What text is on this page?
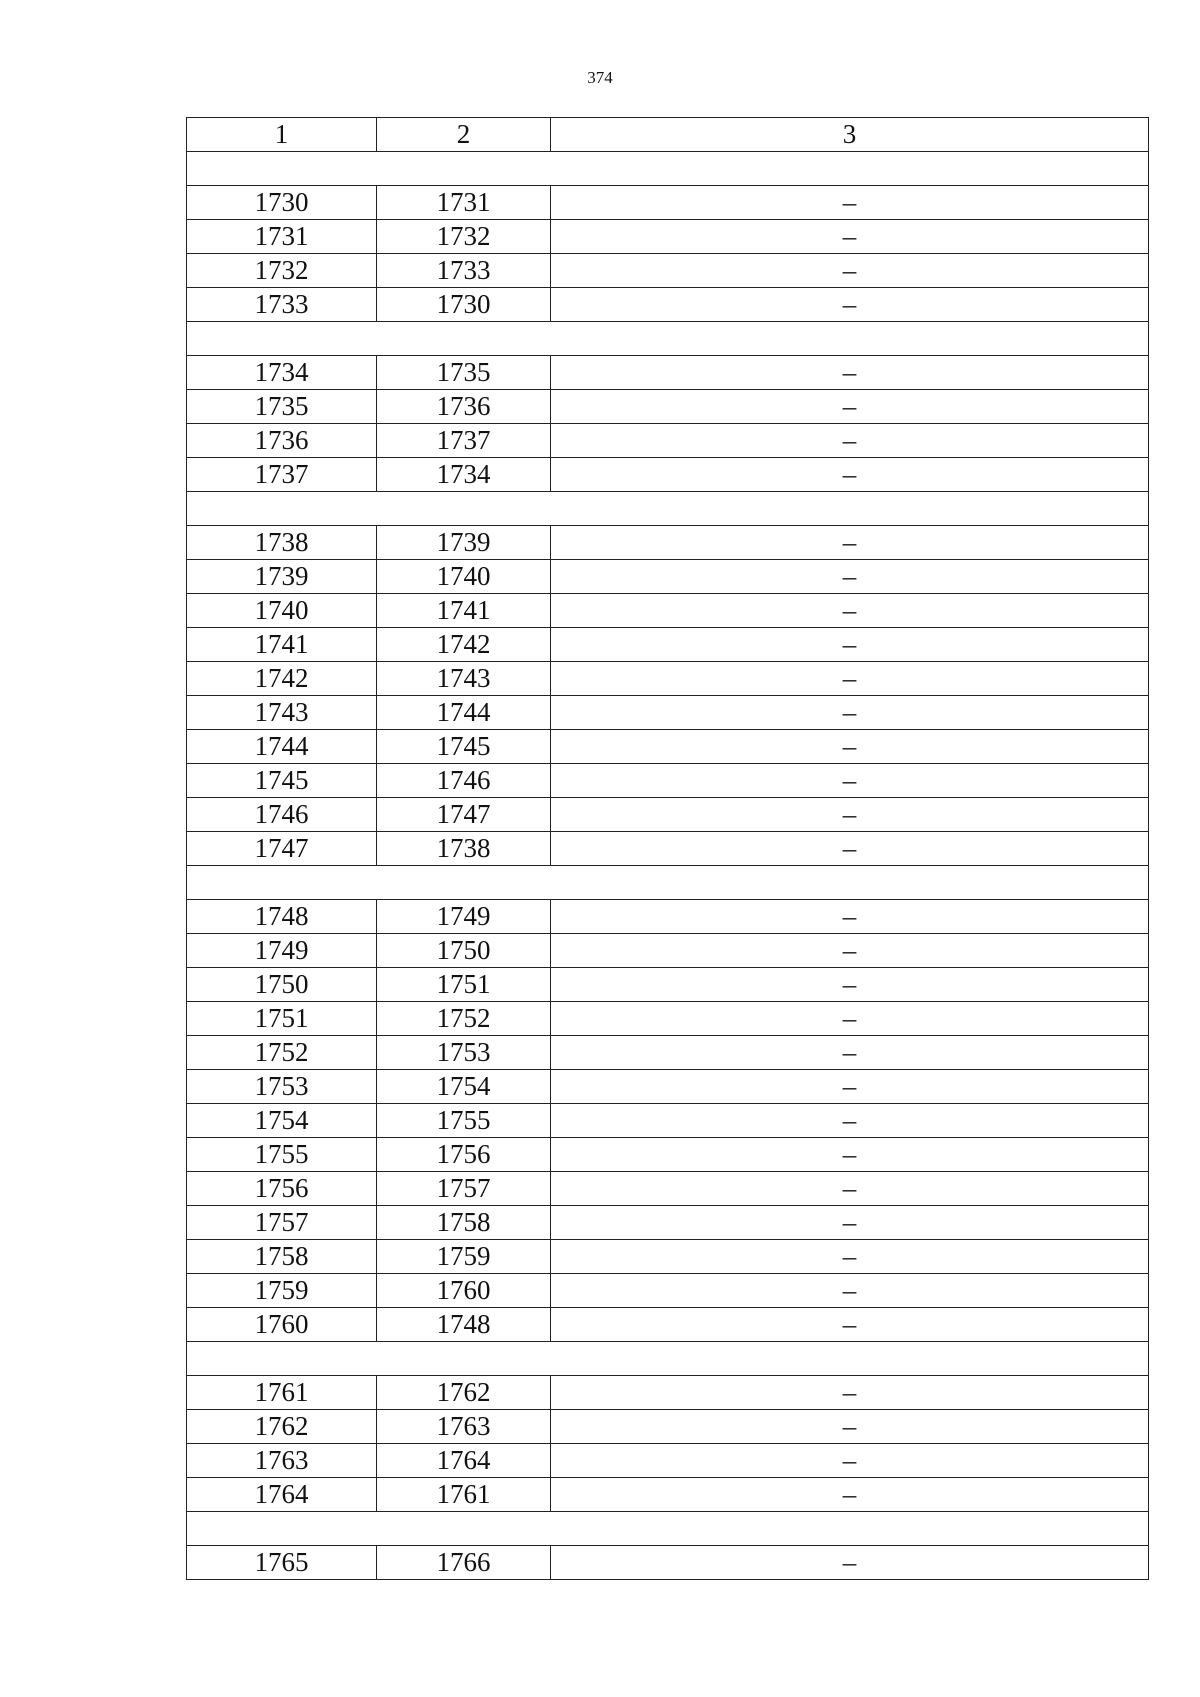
374
1	2	3

1730	1731	–
1731	1732	–
1732	1733	–
1733	1730	–

1734	1735	–
1735	1736	–
1736	1737	–
1737	1734	–

1738	1739	–
1739	1740	–
1740	1741	–
1741	1742	–
1742	1743	–
1743	1744	–
1744	1745	–
1745	1746	–
1746	1747	–
1747	1738	–

1748	1749	–
1749	1750	–
1750	1751	–
1751	1752	–
1752	1753	–
1753	1754	–
1754	1755	–
1755	1756	–
1756	1757	–
1757	1758	–
1758	1759	–
1759	1760	–
1760	1748	–

1761	1762	–
1762	1763	–
1763	1764	–
1764	1761	–

1765	1766	–
